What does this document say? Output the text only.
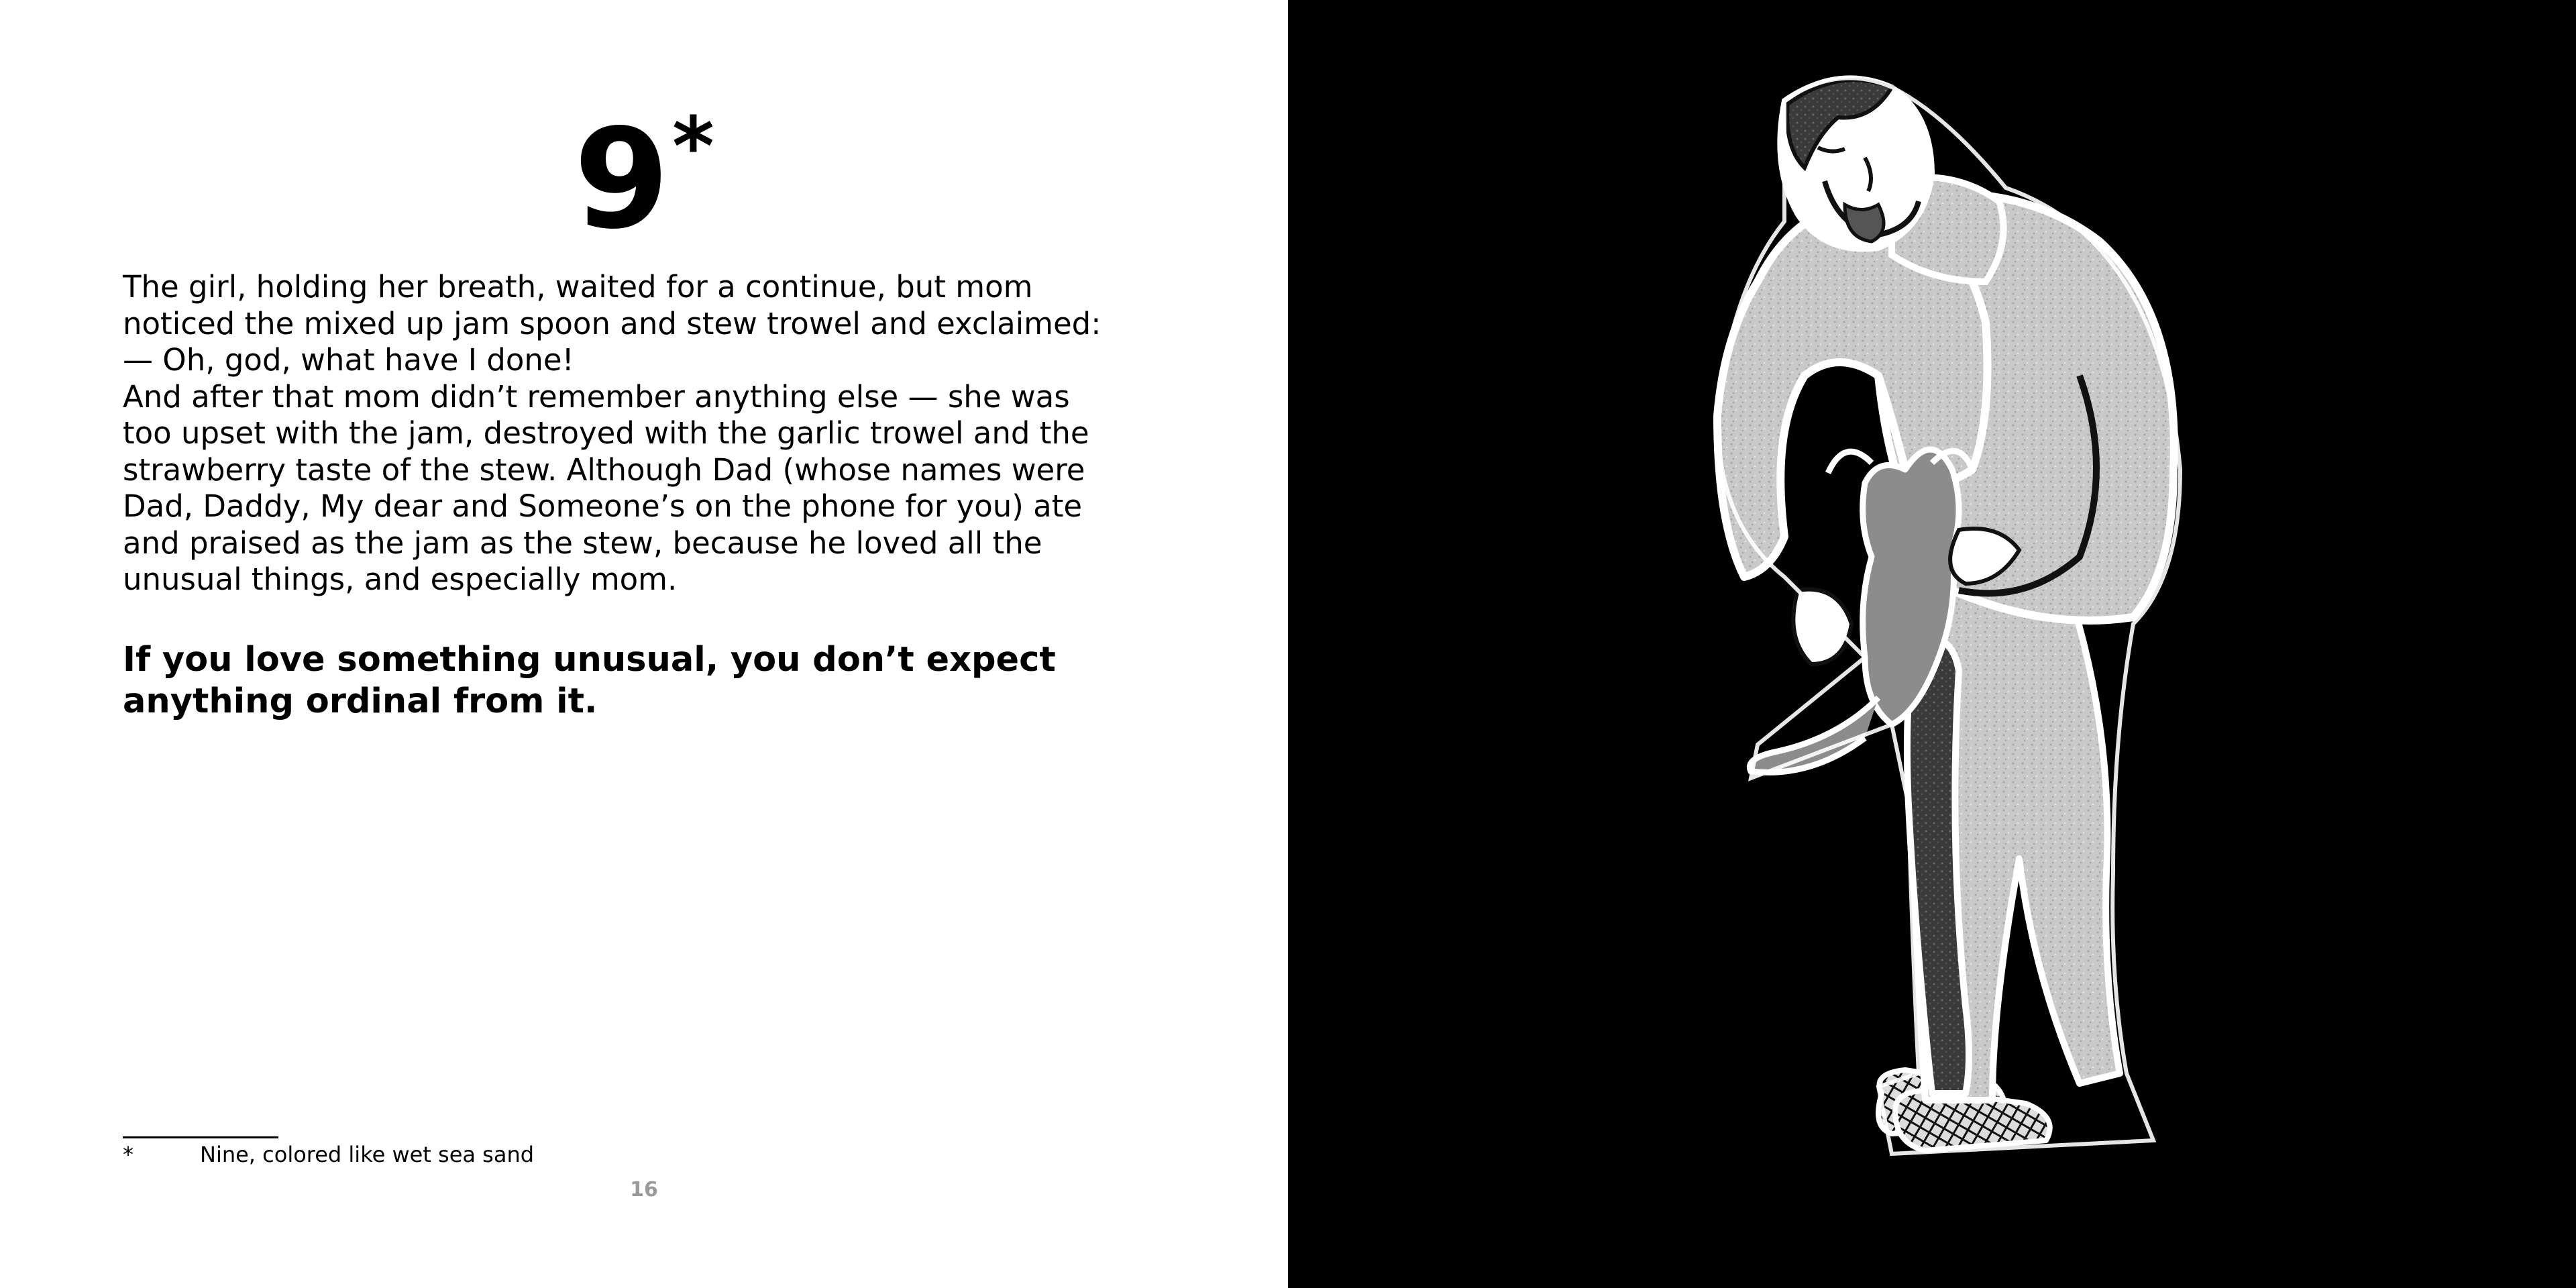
9*

The girl, holding her breath, waited for a continue, but mom
noticed the mixed up jam spoon and stew trowel and exclaimed:
— Oh, god, what have I done!
And after that mom didn’t remember anything else — she was
too upset with the jam, destroyed with the garlic trowel and the
strawberry taste of the stew. Although Dad (whose names were
Dad, Daddy, My dear and Someone’s on the phone for you) ate
and praised as the jam as the stew, because he loved all the
unusual things, and especially mom.

If you love something unusual, you don’t expect
anything ordinal from it.

*	Nine, colored like wet sea sand
16
